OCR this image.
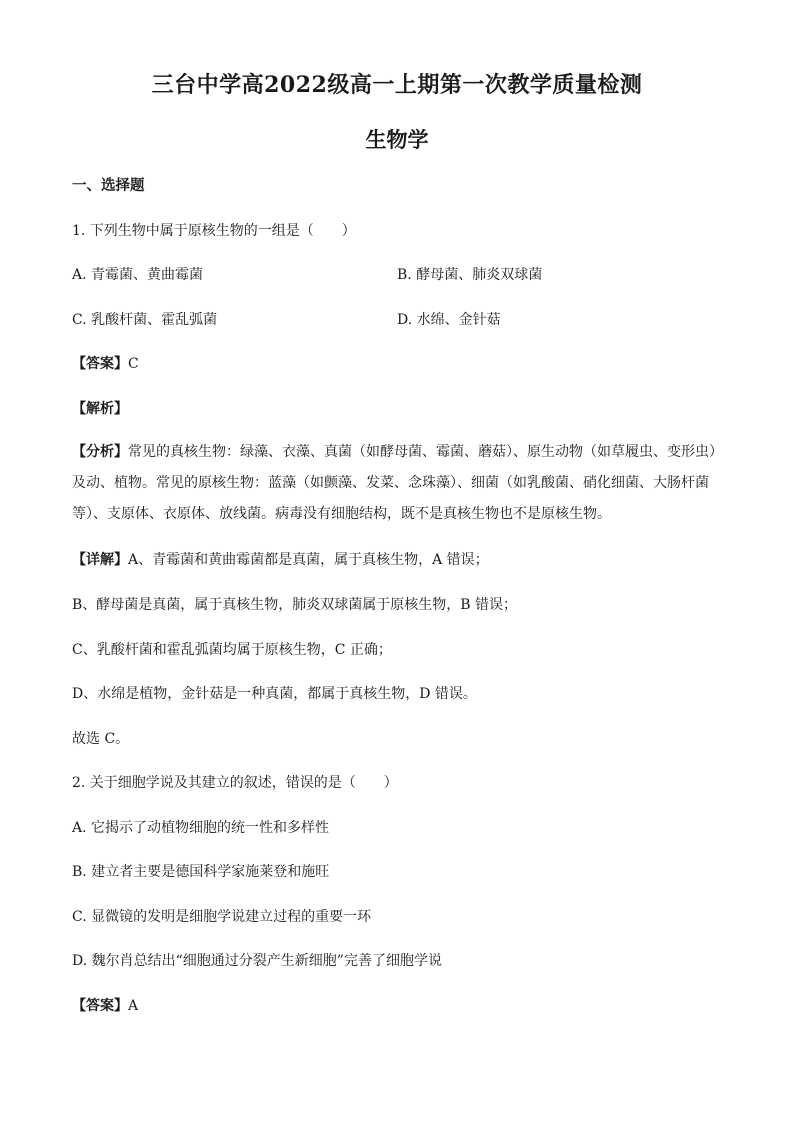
三台中学高2022级高一上期第一次教学质量检测
生物学
一、选择题
1. 下列生物中属于原核生物的一组是（　　）
A. 青霉菌、黄曲霉菌	B. 酵母菌、肺炎双球菌
C. 乳酸杆菌、霍乱弧菌	D. 水绵、金针菇
【答案】C
【解析】
【分析】常见的真核生物：绿藻、衣藻、真菌（如酵母菌、霉菌、蘑菇）、原生动物（如草履虫、变形虫）及动、植物。常见的原核生物：蓝藻（如颤藻、发菜、念珠藻）、细菌（如乳酸菌、硝化细菌、大肠杆菌等）、支原体、衣原体、放线菌。病毒没有细胞结构，既不是真核生物也不是原核生物。
【详解】A、青霉菌和黄曲霉菌都是真菌，属于真核生物，A 错误；
B、酵母菌是真菌，属于真核生物，肺炎双球菌属于原核生物，B 错误；
C、乳酸杆菌和霍乱弧菌均属于原核生物，C 正确；
D、水绵是植物，金针菇是一种真菌，都属于真核生物，D 错误。
故选 C。
2. 关于细胞学说及其建立的叙述，错误的是（　　）
A. 它揭示了动植物细胞的统一性和多样性
B. 建立者主要是德国科学家施莱登和施旺
C. 显微镜的发明是细胞学说建立过程的重要一环
D. 魏尔肖总结出“细胞通过分裂产生新细胞”完善了细胞学说
【答案】A
